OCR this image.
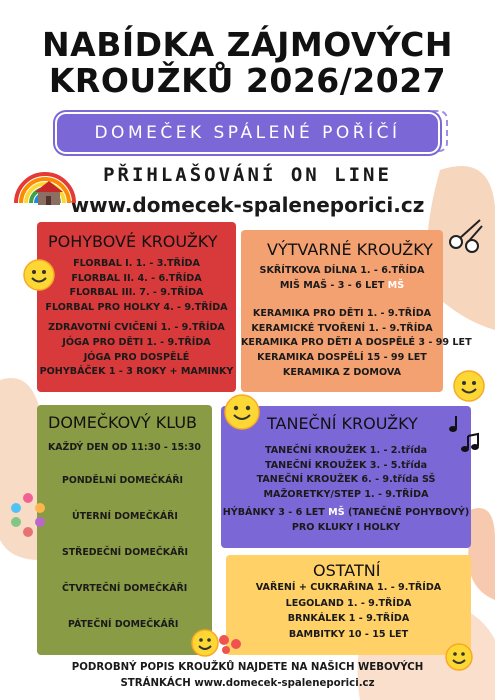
NABÍDKA ZÁJMOVÝCH
KROUŽKŮ 2026/2027
DOMEČEK SPÁLENÉ POŘÍČÍ
PŘIHLAŠOVÁNÍ ON LINE
www.domecek-spaleneporici.cz
POHYBOVÉ KROUŽKY
FLORBAL I. 1. - 3.TŘÍDA
FLORBAL II. 4. - 6.TŘÍDA
FLORBAL III. 7. - 9.TŘÍDA
FLORBAL PRO HOLKY 4. - 9.TŘÍDA
ZDRAVOTNÍ CVIČENÍ 1. - 9.TŘÍDA
JÓGA PRO DĚTI 1. - 9.TŘÍDA
JÓGA PRO DOSPĚLÉ
POHYBÁČEK 1 - 3 ROKY + MAMINKY
VÝTVARNÉ KROUŽKY
SKŘÍTKOVA DÍLNA 1. - 6.TŘÍDA
MIŠ MAŠ - 3 - 6 LET MŠ
KERAMIKA PRO DĚTI 1. - 9.TŘÍDA
KERAMICKÉ TVOŘENÍ 1. - 9.TŘÍDA
KERAMIKA PRO DĚTI A DOSPĚLÉ 3 - 99 LET
KERAMIKA DOSPĚLÍ 15 - 99 LET
KERAMIKA Z DOMOVA
DOMEČKOVÝ KLUB
KAŽDÝ DEN OD 11:30 - 15:30
PONDĚLNÍ DOMEČKÁŘI
ÚTERNÍ DOMEČKÁŘI
STŘEDEČNÍ DOMEČKÁŘI
ČTVRTEČNÍ DOMEČKÁŘI
PÁTEČNÍ DOMEČKÁŘI
TANEČNÍ KROUŽKY
TANEČNÍ KROUŽEK 1. - 2.třída
TANEČNÍ KROUŽEK 3. - 5.třída
TANEČNÍ KROUŽEK 6. - 9.třída SŠ
MAŽORETKY/STEP 1. - 9.TŘÍDA
HÝBÁNKY 3 - 6 LET MŠ (TANEČNĚ POHYBOVÝ)
PRO KLUKY I HOLKY
OSTATNÍ
VAŘENÍ + CUKRAŘINA 1. - 9.TŘÍDA
LEGOLAND 1. - 9.TŘÍDA
BRNKÁLEK 1 - 9.TŘÍDA
BAMBITKY 10 - 15 LET
PODROBNÝ POPIS KROUŽKŮ NAJDETE NA NAŠICH WEBOVÝCH
STRÁNKÁCH www.domecek-spaleneporici.cz
